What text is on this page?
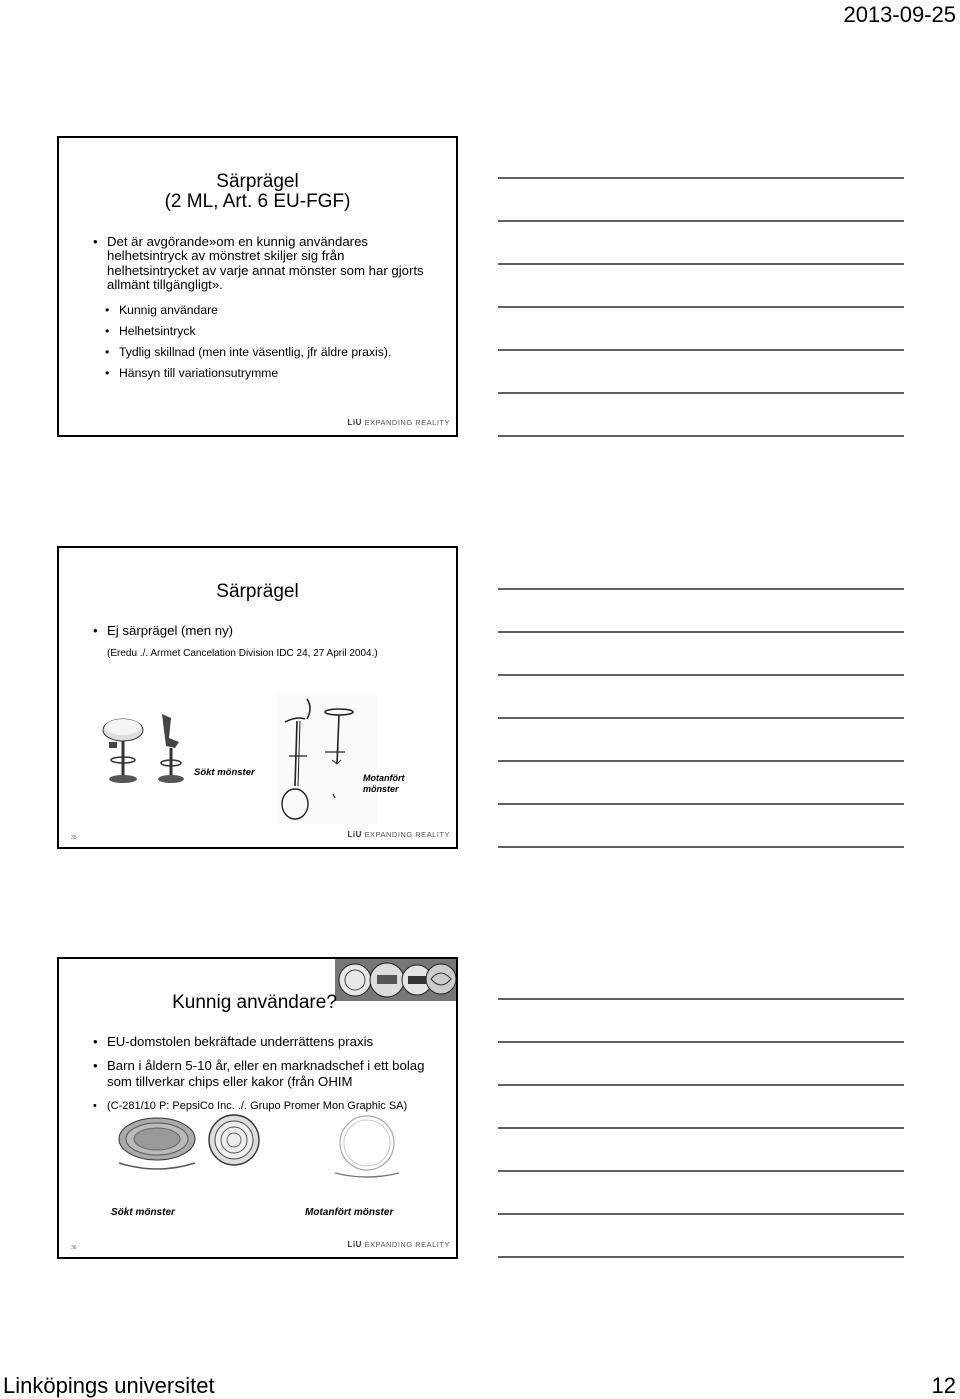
2013-09-25
Särprägel
(2 ML, Art. 6 EU-FGF)
• Det är avgörande»om en kunnig användares helhetsintryck av mönstret skiljer sig från helhetsintrycket av varje annat mönster som har gjorts allmänt tillgängligt».
• Kunnig användare
• Helhetsintryck
• Tydlig skillnad (men inte väsentlig, jfr äldre praxis).
• Hänsyn till variationsutrymme
LiU EXPANDING REALITY
Särprägel
• Ej särprägel (men ny)
(Eredu ./. Arrmet Cancelation Division IDC 24, 27 April 2004.)
Sökt mönster	Motanfört
mönster
35	LiU EXPANDING REALITY
Kunnig användare?
• EU-domstolen bekräftade underrättens praxis
• Barn i åldern 5-10 år, eller en marknadschef i ett bolag som tillverkar chips eller kakor (från OHIM
• (C-281/10 P: PepsiCo Inc. ./. Grupo Promer Mon Graphic SA)
Sökt mönster	Motanfört mönster
36	LiU EXPANDING REALITY
Linköpings universitet	12
